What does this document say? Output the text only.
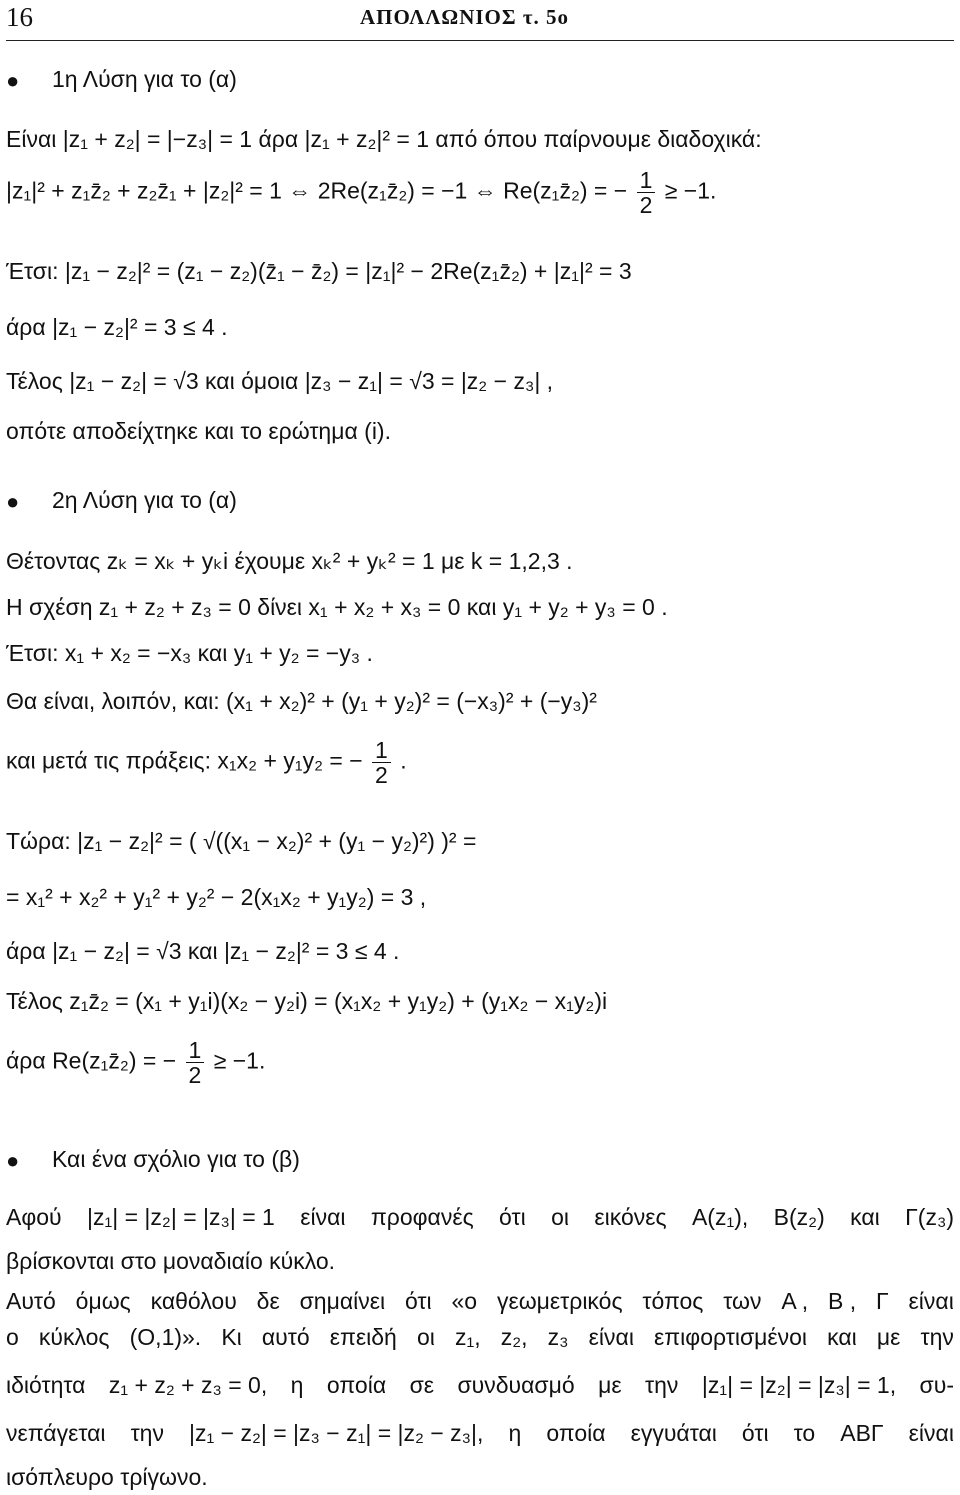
16	ΑΠΟΛΛΩΝΙΟΣ τ. 5ο
● 1η Λύση για το (α)
Είναι |z₁ + z₂| = |−z₃| = 1 άρα |z₁ + z₂|² = 1 από όπου παίρνουμε διαδοχικά:
|z₁|² + z₁z̄₂ + z₂z̄₁ + |z₂|² = 1 ⇔ 2Re(z₁z̄₂) = −1 ⇔ Re(z₁z̄₂) = − $\frac{1}{2} \ge -1$.
Έτσι: |z₁ − z₂|² = (z₁ − z₂)(z̄₁ − z̄₂) = |z₁|² − 2Re(z₁z̄₂) + |z₁|² = 3
άρα |z₁ − z₂|² = 3 ≤ 4 .
Τέλος |z₁ − z₂| = √3 και όμοια |z₃ − z₁| = √3 = |z₂ − z₃| ,
οπότε αποδείχτηκε και το ερώτημα (i).
● 2η Λύση για το (α)
Θέτοντας zₖ = xₖ + yₖi έχουμε xₖ² + yₖ² = 1 με k = 1,2,3 .
Η σχέση z₁ + z₂ + z₃ = 0 δίνει x₁ + x₂ + x₃ = 0 και y₁ + y₂ + y₃ = 0 .
Έτσι: x₁ + x₂ = −x₃ και y₁ + y₂ = −y₃ .
Θα είναι, λοιπόν, και: (x₁ + x₂)² + (y₁ + y₂)² = (−x₃)² + (−y₃)²
και μετά τις πράξεις: x₁x₂ + y₁y₂ = − $\frac{1}{2}$ .
Τώρα: |z₁ − z₂|² = ( √((x₁ − x₂)² + (y₁ − y₂)²) )² =
= x₁² + x₂² + y₁² + y₂² − 2(x₁x₂ + y₁y₂) = 3 ,
άρα |z₁ − z₂| = √3 και |z₁ − z₂|² = 3 ≤ 4 .
Τέλος z₁z̄₂ = (x₁ + y₁i)(x₂ − y₂i) = (x₁x₂ + y₁y₂) + (y₁x₂ − x₁y₂)i
άρα Re(z₁z̄₂) = − $\frac{1}{2} \ge -1$.
● Και ένα σχόλιο για το (β)
Αφού |z₁| = |z₂| = |z₃| = 1 είναι προφανές ότι οι εικόνες Α(z₁), Β(z₂) και Γ(z₃)
βρίσκονται στο μοναδιαίο κύκλο.
Αυτό όμως καθόλου δε σημαίνει ότι «ο γεωμετρικός τόπος των Α , Β , Γ είναι
ο κύκλος (Ο,1)». Κι αυτό επειδή οι z₁, z₂, z₃ είναι επιφορτισμένοι και με την
ιδιότητα z₁ + z₂ + z₃ = 0, η οποία σε συνδυασμό με την |z₁| = |z₂| = |z₃| = 1, συ-
νεπάγεται την |z₁ − z₂| = |z₃ − z₁| = |z₂ − z₃|, η οποία εγγυάται ότι το ΑΒΓ είναι
ισόπλευρο τρίγωνο.
